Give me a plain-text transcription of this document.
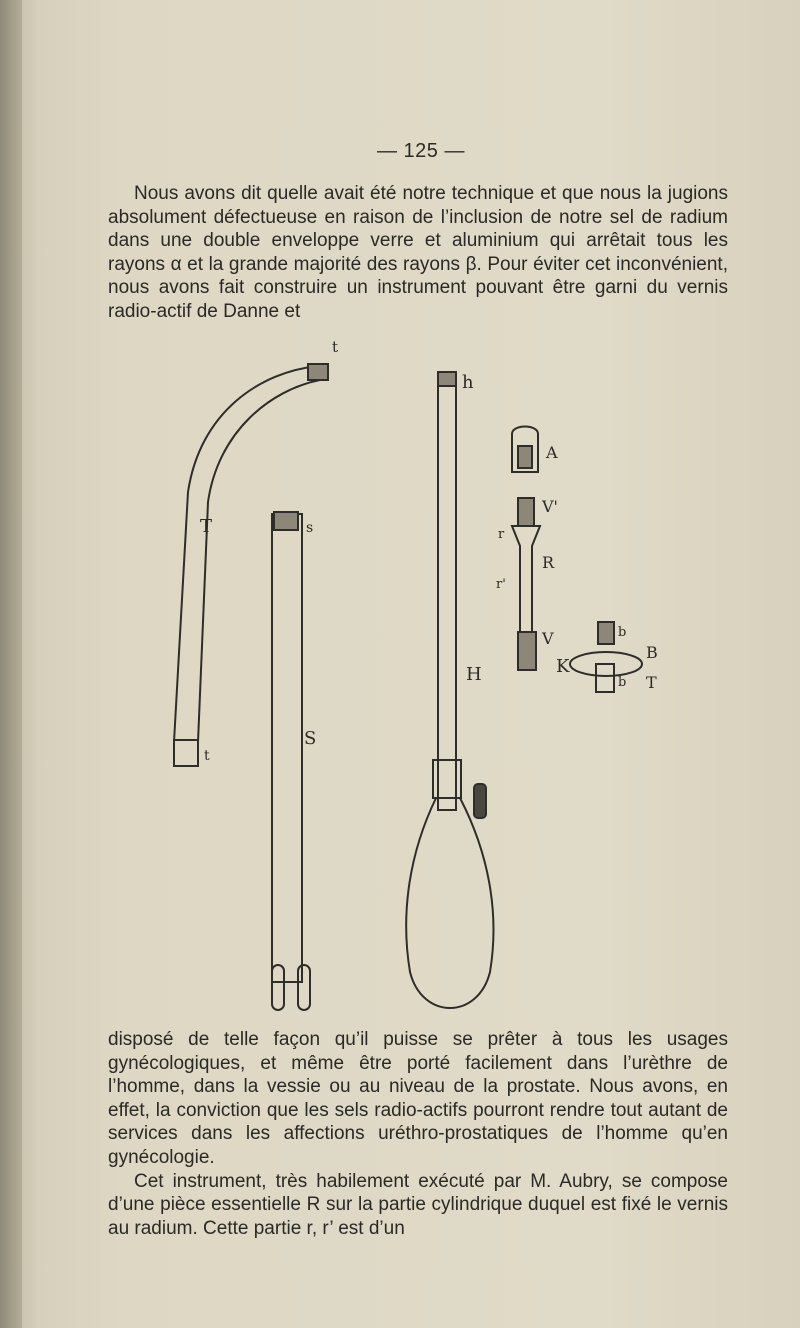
— 125 —

Nous avons dit quelle avait été notre technique et que nous la jugions absolument défectueuse en raison de l’inclusion de notre sel de radium dans une double enveloppe verre et aluminium qui arrêtait tous les rayons α et la grande majorité des rayons β. Pour éviter cet inconvénient, nous avons fait construire un instrument pouvant être garni du vernis radio-actif de Danne et

t
T
t
s
S
h
H
A
V'
r
R
r'
V	b
B
K
b T

disposé de telle façon qu’il puisse se prêter à tous les usages gynécologiques, et même être porté facilement dans l’urèthre de l’homme, dans la vessie ou au niveau de la prostate. Nous avons, en effet, la conviction que les sels radio-actifs pourront rendre tout autant de services dans les affections uréthro-prostatiques de l’homme qu’en gynécologie.

Cet instrument, très habilement exécuté par M. Aubry, se compose d’une pièce essentielle R sur la partie cylindrique duquel est fixé le vernis au radium. Cette partie r, r’ est d’un
